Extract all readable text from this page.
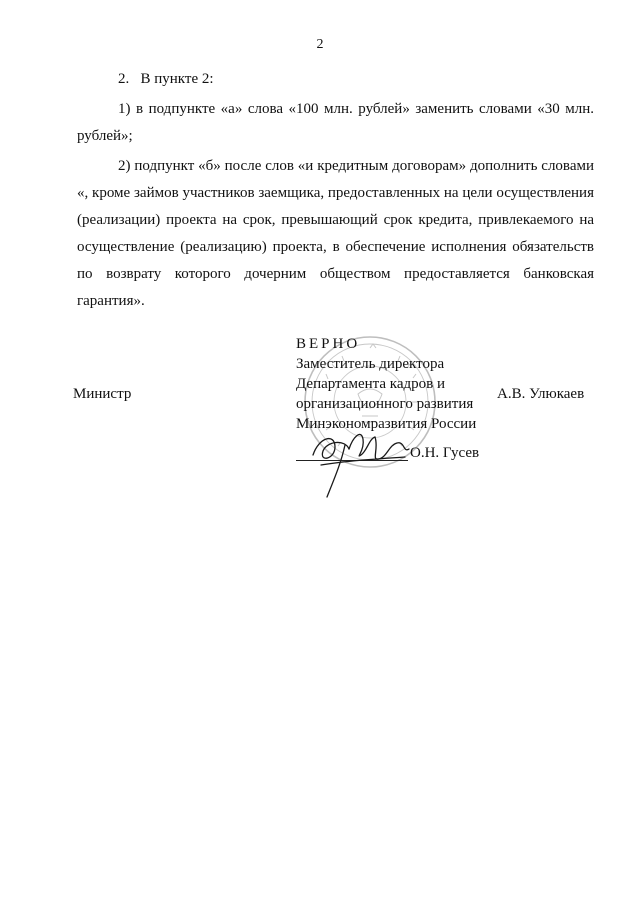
2

2.   В пункте 2:

1) в подпункте «а» слова «100 млн. рублей» заменить словами «30 млн. рублей»;

2) подпункт «б» после слов «и кредитным договорам» дополнить словами «, кроме займов участников заемщика, предоставленных на цели осуществления (реализации) проекта на срок, превышающий срок кредита, привлекаемого на осуществление (реализацию) проекта, в обеспечение исполнения обязательств по возврату которого дочерним обществом предоставляется банковская гарантия».

Министр	А.В. Улюкаев
ВЕРНО
Заместитель директора
Департамента кадров и
организационного развития
Минэкономразвития России
О.Н. Гусев
